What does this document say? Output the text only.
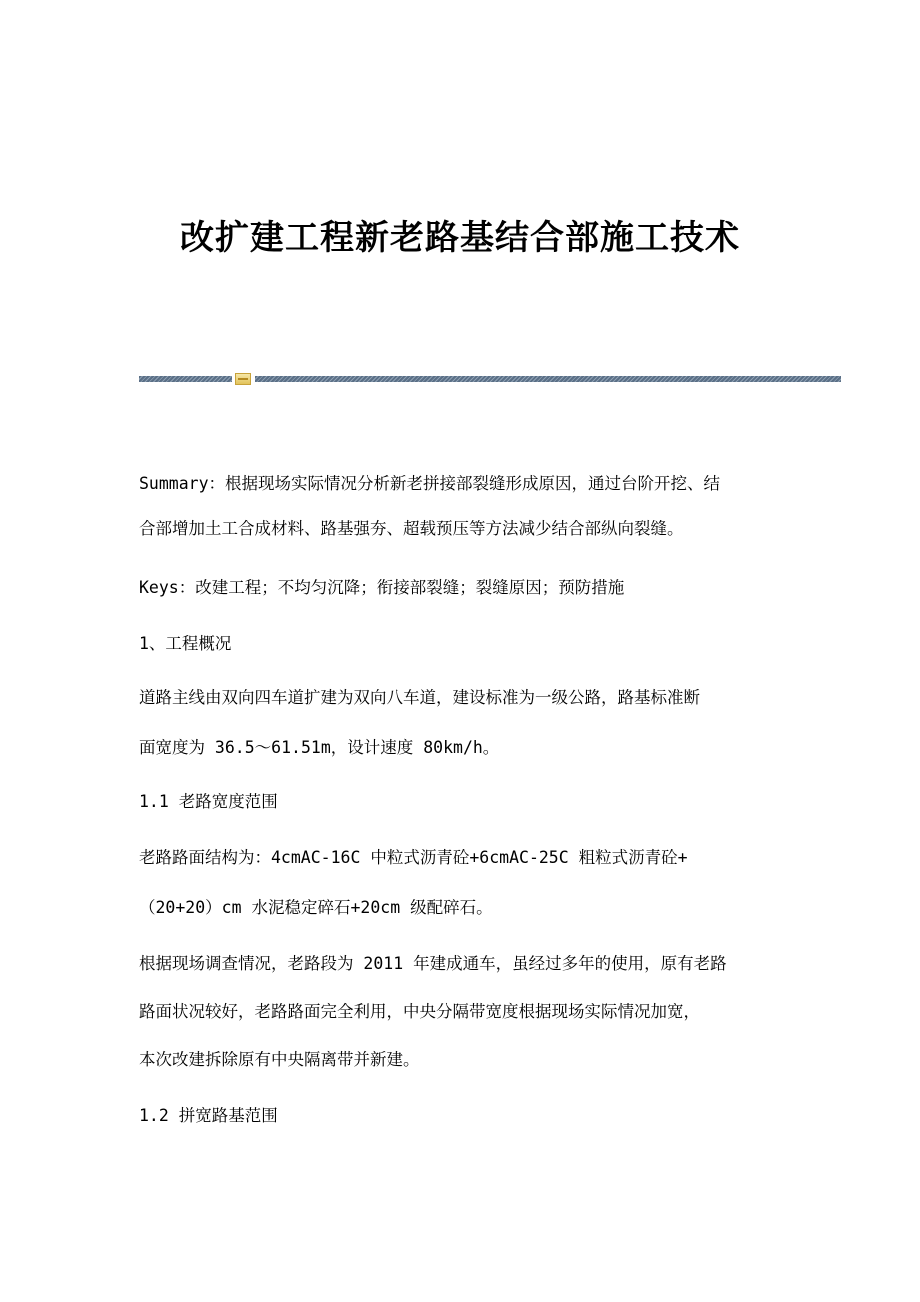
改扩建工程新老路基结合部施工技术
Summary：根据现场实际情况分析新老拼接部裂缝形成原因，通过台阶开挖、结
合部增加土工合成材料、路基强夯、超载预压等方法减少结合部纵向裂缝。
Keys：改建工程；不均匀沉降；衔接部裂缝；裂缝原因；预防措施
1、工程概况
道路主线由双向四车道扩建为双向八车道，建设标准为一级公路，路基标准断
面宽度为 36.5～61.51m，设计速度 80km/h。
1.1 老路宽度范围
老路路面结构为：4cmAC-16C 中粒式沥青砼+6cmAC-25C 粗粒式沥青砼+
（20+20）cm 水泥稳定碎石+20cm 级配碎石。
根据现场调查情况，老路段为 2011 年建成通车，虽经过多年的使用，原有老路
路面状况较好，老路路面完全利用，中央分隔带宽度根据现场实际情况加宽，
本次改建拆除原有中央隔离带并新建。
1.2 拼宽路基范围
